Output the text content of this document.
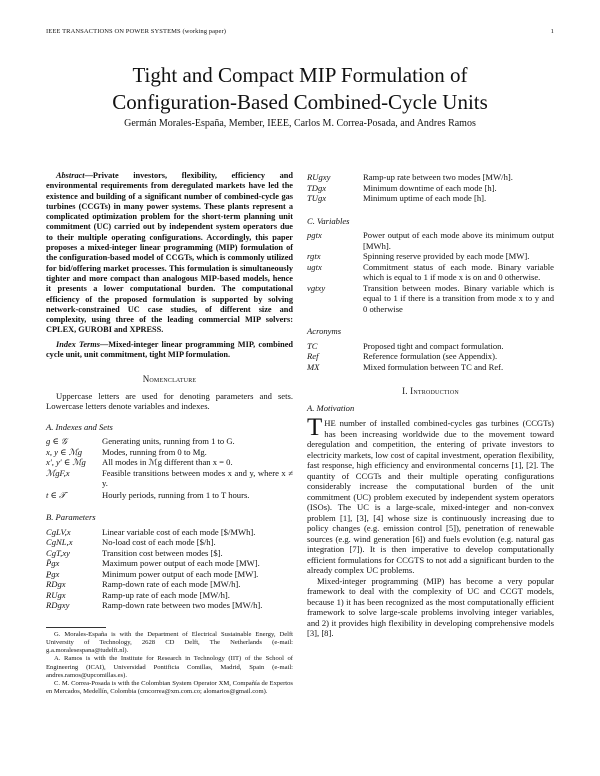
IEEE TRANSACTIONS ON POWER SYSTEMS (working paper)	1
Tight and Compact MIP Formulation of
Configuration-Based Combined-Cycle Units
Germán Morales-España, Member, IEEE, Carlos M. Correa-Posada, and Andres Ramos
Abstract—Private investors, flexibility, efficiency and environmental requirements from deregulated markets have led the existence and building of a significant number of combined-cycle gas turbines (CCGTs) in many power systems. These plants represent a complicated optimization problem for the short-term planning unit commitment (UC) carried out by independent system operators due to their multiple operating configurations. Accordingly, this paper proposes a mixed-integer linear programming (MIP) formulation of the configuration-based model of CCGTs, which is commonly utilized for bid/offering market processes. This formulation is simultaneously tighter and more compact than analogous MIP-based models, hence it presents a lower computational burden. The computational efficiency of the proposed formulation is supported by solving network-constrained UC case studies, of different size and complexity, using three of the leading commercial MIP solvers: CPLEX, GUROBI and XPRESS.
Index Terms—Mixed-integer linear programming MIP, combined cycle unit, unit commitment, tight MIP formulation.
Nomenclature
Uppercase letters are used for denoting parameters and sets. Lowercase letters denote variables and indexes.
A. Indexes and Sets
g ∈ 𝒢	Generating units, running from 1 to G.
x, y ∈ ℳg Modes, running from 0 to Mg.
x′, y′ ∈ ℳg All modes in ℳg different than x = 0.
ℳgF,x	Feasible transitions between modes x and y, where x ≠ y.
t ∈ 𝒯	Hourly periods, running from 1 to T hours.
B. Parameters
CgLV,x	Linear variable cost of each mode [$/MWh].
CgNL,x	No-load cost of each mode [$/h].
CgT,xy	Transition cost between modes [$].
P̄gx	Maximum power output of each mode [MW].
P̲gx	Minimum power output of each mode [MW].
RDgx	Ramp-down rate of each mode [MW/h].
RUgx	Ramp-up rate of each mode [MW/h].
RDgxy	Ramp-down rate between two modes [MW/h].
G. Morales-España is with the Department of Electrical Sustainable Energy, Delft University of Technology, 2628 CD Delft, The Netherlands (e-mail: g.a.moralesespana@tudelft.nl).
A. Ramos is with the Institute for Research in Technology (IIT) of the School of Engineering (ICAI), Universidad Pontificia Comillas, Madrid, Spain (e-mail: andres.ramos@upcomillas.es).
C. M. Correa-Posada is with the Colombian System Operator XM, Compañía de Expertos en Mercados, Medellín, Colombia (cmcorrea@xm.com.co; alomarios@gmail.com).
RUgxy	Ramp-up rate between two modes [MW/h].
TDgx	Minimum downtime of each mode [h].
TUgx	Minimum uptime of each mode [h].
C. Variables
pgtx	Power output of each mode above its minimum output [MWh].
rgtx	Spinning reserve provided by each mode [MW].
ugtx	Commitment status of each mode. Binary variable which is equal to 1 if mode x is on and 0 otherwise.
vgtxy	Transition between modes. Binary variable which is equal to 1 if there is a transition from mode x to y and 0 otherwise
Acronyms
TC	Proposed tight and compact formulation.
Ref	Reference formulation (see Appendix).
MX	Mixed formulation between TC and Ref.
I. Introduction
A. Motivation
THE number of installed combined-cycles gas turbines (CCGTs) has been increasing worldwide due to the movement toward deregulation and competition, the entering of private investors to electricity markets, low cost of capital investment, operation flexibility, fast response, high efficiency and environmental concerns [1], [2]. The quantity of CCGTs and their multiple operating configurations considerably increase the computational burden of the unit commitment (UC) problem executed by independent system operators (ISOs). The UC is a large-scale, mixed-integer and non-convex problem [1], [3], [4] whose size is continuously increasing due to policy changes (e.g. emission control [5]), penetration of renewable sources (e.g. wind generation [6]) and fuels evolution (e.g. natural gas integration [7]). It is then imperative to develop computationally efficient formulations for CCGTS to not add a significant burden to the already complex UC problems.
Mixed-integer programming (MIP) has become a very popular framework to deal with the complexity of UC and CCGT models, because 1) it has been recognized as the most computationally efficient framework to solve large-scale problems involving integer variables, and 2) it provides high flexibility in developing comprehensive models [3], [8].
